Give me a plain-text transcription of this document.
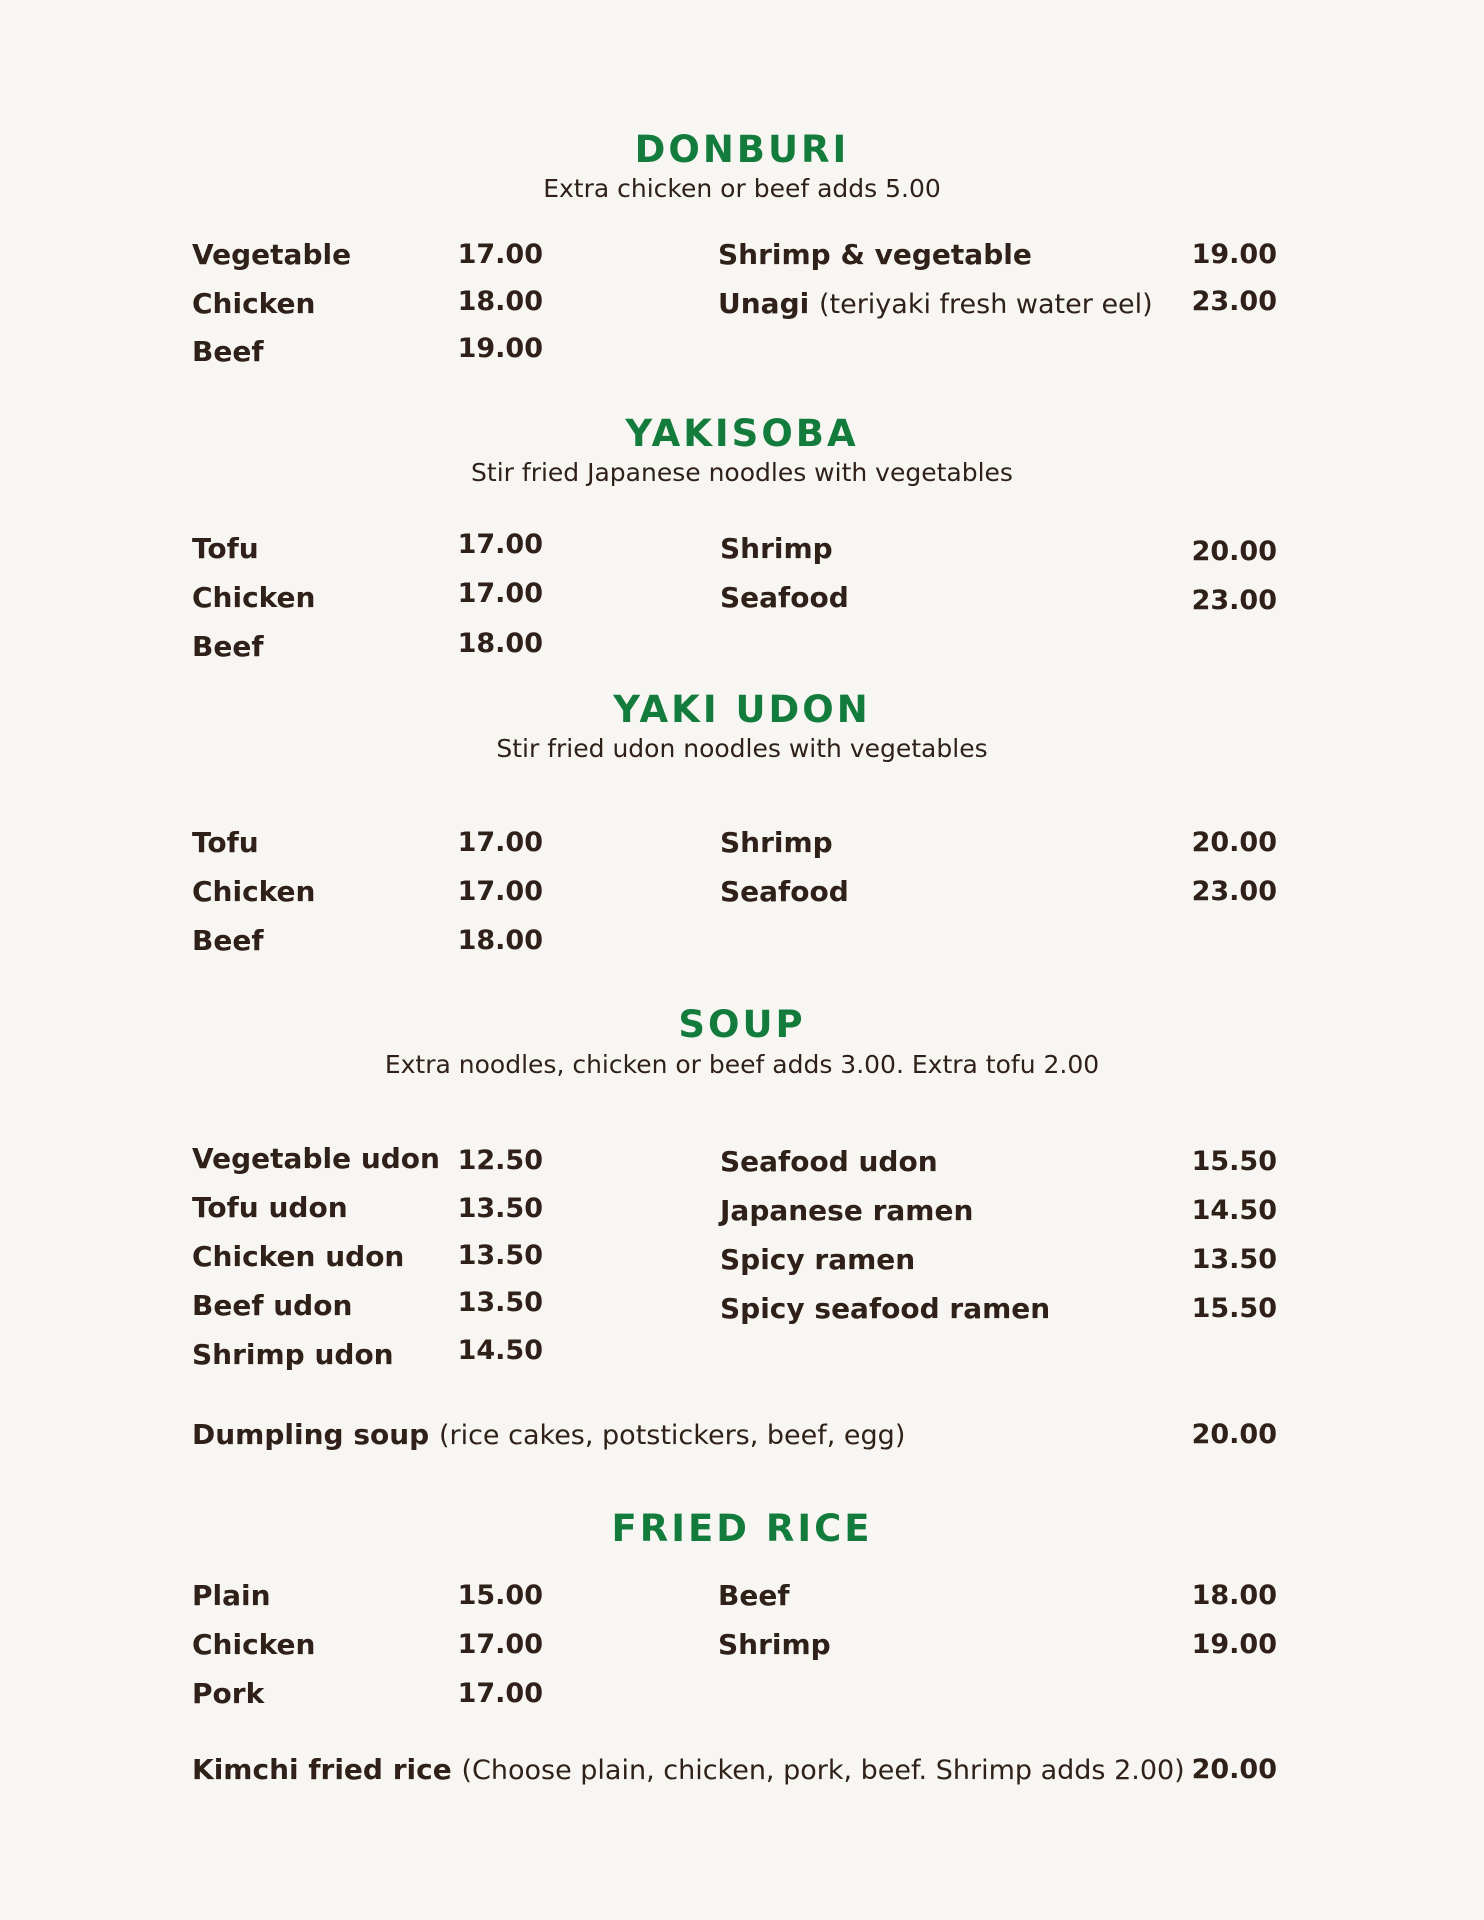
DONBURI
Extra chicken or beef adds 5.00
Vegetable	17.00
Chicken	18.00
Beef	19.00
Shrimp & vegetable	19.00
Unagi (teriyaki fresh water eel)	23.00
YAKISOBA
Stir fried Japanese noodles with vegetables
Tofu	17.00
Chicken	17.00
Beef	18.00
Shrimp	20.00
Seafood	23.00
YAKI UDON
Stir fried udon noodles with vegetables
Tofu	17.00
Chicken	17.00
Beef	18.00
Shrimp	20.00
Seafood	23.00
SOUP
Extra noodles, chicken or beef adds 3.00. Extra tofu 2.00
Vegetable udon 12.50
Tofu udon	13.50
Chicken udon	13.50
Beef udon	13.50
Shrimp udon	14.50
Seafood udon	15.50
Japanese ramen	14.50
Spicy ramen	13.50
Spicy seafood ramen	15.50
Dumpling soup (rice cakes, potstickers, beef, egg)	20.00
FRIED RICE
Plain	15.00
Chicken	17.00
Pork	17.00
Beef	18.00
Shrimp	19.00
Kimchi fried rice (Choose plain, chicken, pork, beef. Shrimp adds 2.00) 20.00
